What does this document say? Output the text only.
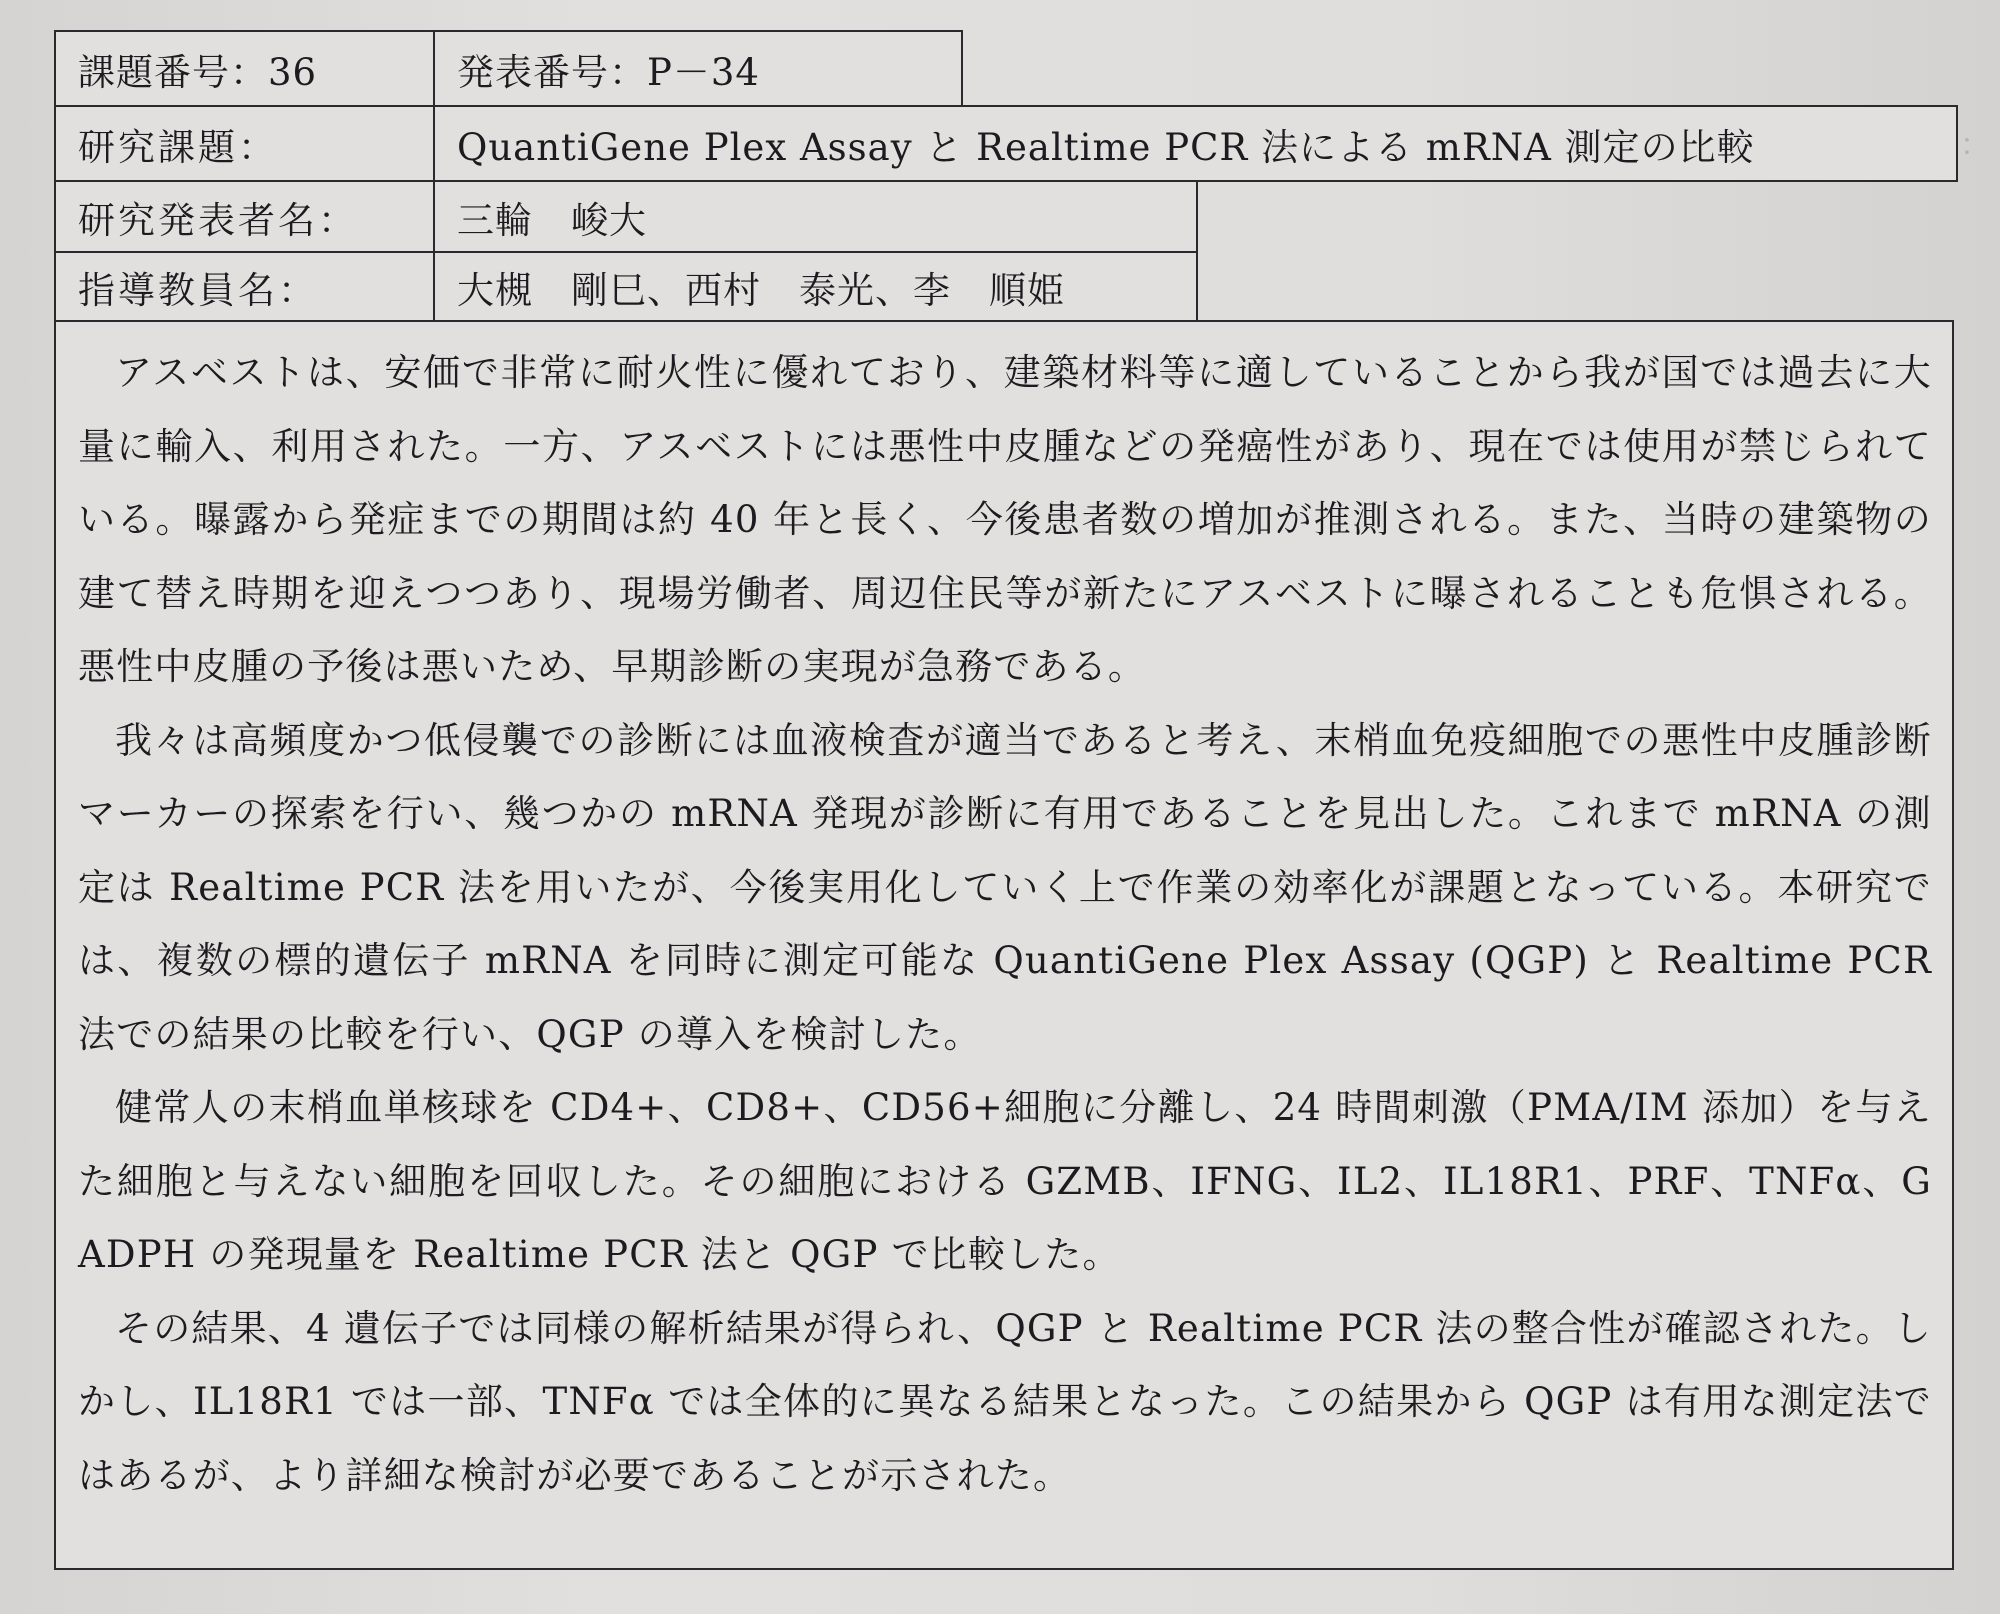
：
課題番号：36	発表番号：P－34
研究課題：	QuantiGene Plex Assay と Realtime PCR 法による mRNA 測定の比較
研究発表者名：	三輪　峻大
指導教員名：	大槻　剛巳、西村　泰光、李　順姫

アスベストは、安価で非常に耐火性に優れており、建築材料等に適していることから我が国では過去に大量に輸入、利用された。一方、アスベストには悪性中皮腫などの発癌性があり、現在では使用が禁じられている。曝露から発症までの期間は約 40 年と長く、今後患者数の増加が推測される。また、当時の建築物の建て替え時期を迎えつつあり、現場労働者、周辺住民等が新たにアスベストに曝されることも危惧される。悪性中皮腫の予後は悪いため、早期診断の実現が急務である。

我々は高頻度かつ低侵襲での診断には血液検査が適当であると考え、末梢血免疫細胞での悪性中皮腫診断マーカーの探索を行い、幾つかの mRNA 発現が診断に有用であることを見出した。これまで mRNA の測定は Realtime PCR 法を用いたが、今後実用化していく上で作業の効率化が課題となっている。本研究では、複数の標的遺伝子 mRNA を同時に測定可能な QuantiGene Plex Assay (QGP) と Realtime PCR 法での結果の比較を行い、QGP の導入を検討した。

健常人の末梢血単核球を CD4+、CD8+、CD56+細胞に分離し、24 時間刺激（PMA/IM 添加）を与えた細胞と与えない細胞を回収した。その細胞における GZMB、IFNG、IL2、IL18R1、PRF、TNFα、GADPH の発現量を Realtime PCR 法と QGP で比較した。

その結果、4 遺伝子では同様の解析結果が得られ、QGP と Realtime PCR 法の整合性が確認された。しかし、IL18R1 では一部、TNFα では全体的に異なる結果となった。この結果から QGP は有用な測定法ではあるが、より詳細な検討が必要であることが示された。
